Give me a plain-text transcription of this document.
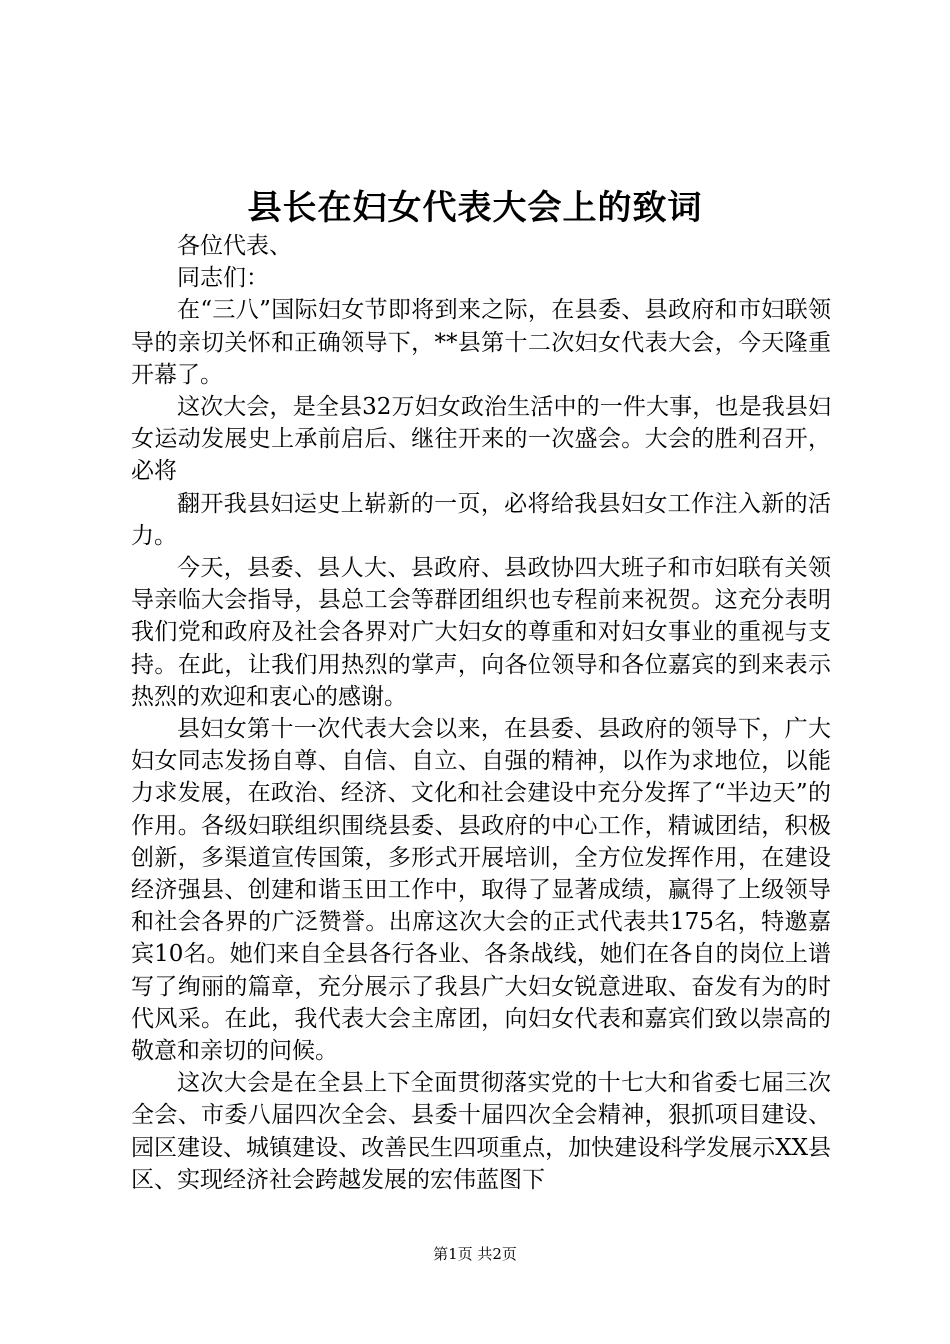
县长在妇女代表大会上的致词

各位代表、

同志们：

在“三八”国际妇女节即将到来之际，在县委、县政府和市妇联领导的亲切关怀和正确领导下，**县第十二次妇女代表大会，今天隆重开幕了。

这次大会，是全县32万妇女政治生活中的一件大事，也是我县妇女运动发展史上承前启后、继往开来的一次盛会。大会的胜利召开，必将

翻开我县妇运史上崭新的一页，必将给我县妇女工作注入新的活力。

今天，县委、县人大、县政府、县政协四大班子和市妇联有关领导亲临大会指导，县总工会等群团组织也专程前来祝贺。这充分表明我们党和政府及社会各界对广大妇女的尊重和对妇女事业的重视与支持。在此，让我们用热烈的掌声，向各位领导和各位嘉宾的到来表示热烈的欢迎和衷心的感谢。

县妇女第十一次代表大会以来，在县委、县政府的领导下，广大妇女同志发扬自尊、自信、自立、自强的精神，以作为求地位，以能力求发展，在政治、经济、文化和社会建设中充分发挥了“半边天”的作用。各级妇联组织围绕县委、县政府的中心工作，精诚团结，积极创新，多渠道宣传国策，多形式开展培训，全方位发挥作用，在建设经济强县、创建和谐玉田工作中，取得了显著成绩，赢得了上级领导和社会各界的广泛赞誉。出席这次大会的正式代表共175名，特邀嘉宾10名。她们来自全县各行各业、各条战线，她们在各自的岗位上谱写了绚丽的篇章，充分展示了我县广大妇女锐意进取、奋发有为的时代风采。在此，我代表大会主席团，向妇女代表和嘉宾们致以崇高的敬意和亲切的问候。

这次大会是在全县上下全面贯彻落实党的十七大和省委七届三次全会、市委八届四次全会、县委十届四次全会精神，狠抓项目建设、园区建设、城镇建设、改善民生四项重点，加快建设科学发展示XX县区、实现经济社会跨越发展的宏伟蓝图下

第1页 共2页
